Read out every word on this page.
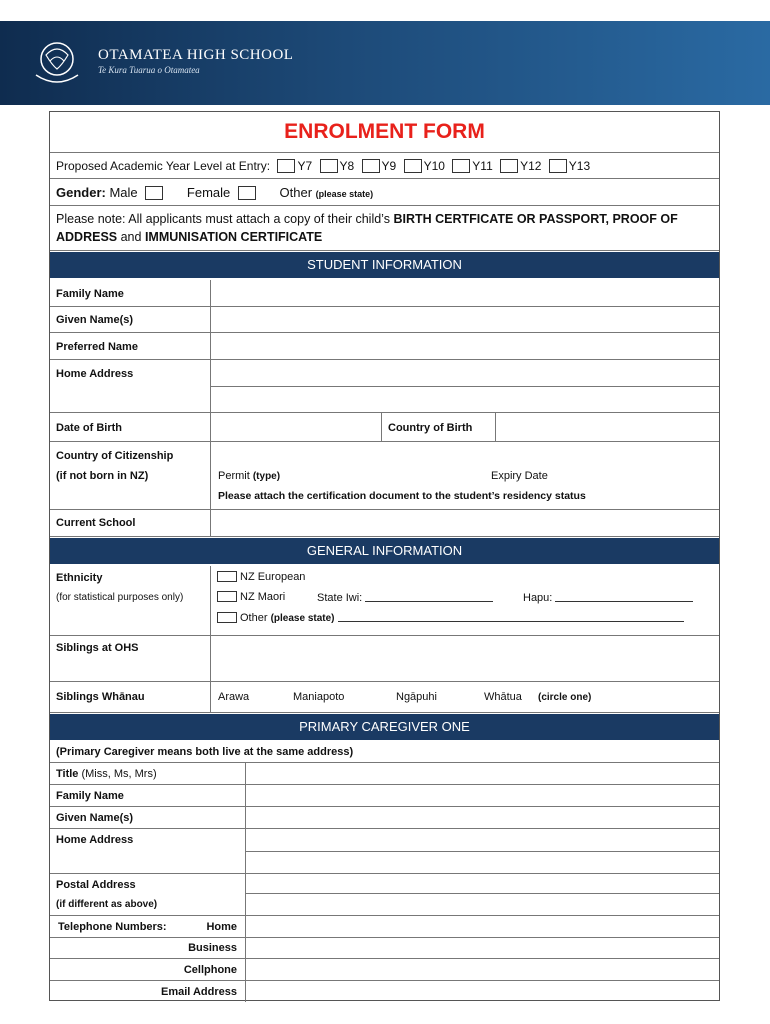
OTAMATEA HIGH SCHOOL
Te Kura Tuarua o Otamatea
ENROLMENT FORM
Proposed Academic Year Level at Entry: Y7 Y8 Y9 Y10 Y11 Y12 Y13
Gender: Male	Female	Other (please state)
Please note: All applicants must attach a copy of their child’s BIRTH CERTFICATE OR PASSPORT, PROOF OF ADDRESS and IMMUNISATION CERTIFICATE
STUDENT INFORMATION
Family Name
Given Name(s)
Preferred Name
Home Address
Date of Birth	Country of Birth
Country of Citizenship
(if not born in NZ)	Permit (type)	Expiry Date
Please attach the certification document to the student’s residency status
Current School
GENERAL INFORMATION
Ethnicity
(for statistical purposes only)
NZ European
NZ Maori	State Iwi:	Hapu:
Other (please state)
Siblings at OHS
Siblings Whānau	Arawa	Maniapoto	Ngāpuhi	Whātua (circle one)
PRIMARY CAREGIVER ONE
(Primary Caregiver means both live at the same address)
Title (Miss, Ms, Mrs)
Family Name
Given Name(s)
Home Address
Postal Address
(if different as above)
Telephone Numbers:	Home
Business
Cellphone
Email Address
